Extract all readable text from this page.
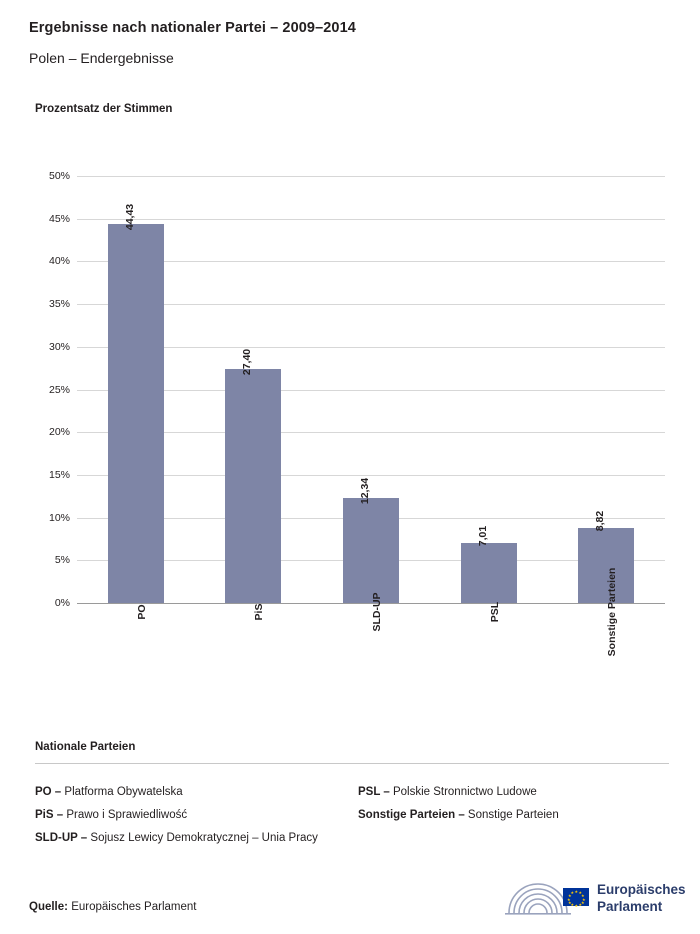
Ergebnisse nach nationaler Partei – 2009–2014
Polen – Endergebnisse
Prozentsatz der Stimmen
0%
5%
10%
15%
20%
25%
30%
35%
40%
45%
50%
44,43
PO
27,40
PiS
12,34
SLD-UP
7,01
PSL
8,82
Sonstige Parteien
Nationale Parteien
PO – Platforma Obywatelska
PiS – Prawo i Sprawiedliwość
SLD-UP – Sojusz Lewicy Demokratycznej – Unia Pracy
PSL – Polskie Stronnictwo Ludowe
Sonstige Parteien – Sonstige Parteien
Quelle: Europäisches Parlament
★ ★
★
★
★
★
★
★
★
★
★
★ Europäisches
Parlament
